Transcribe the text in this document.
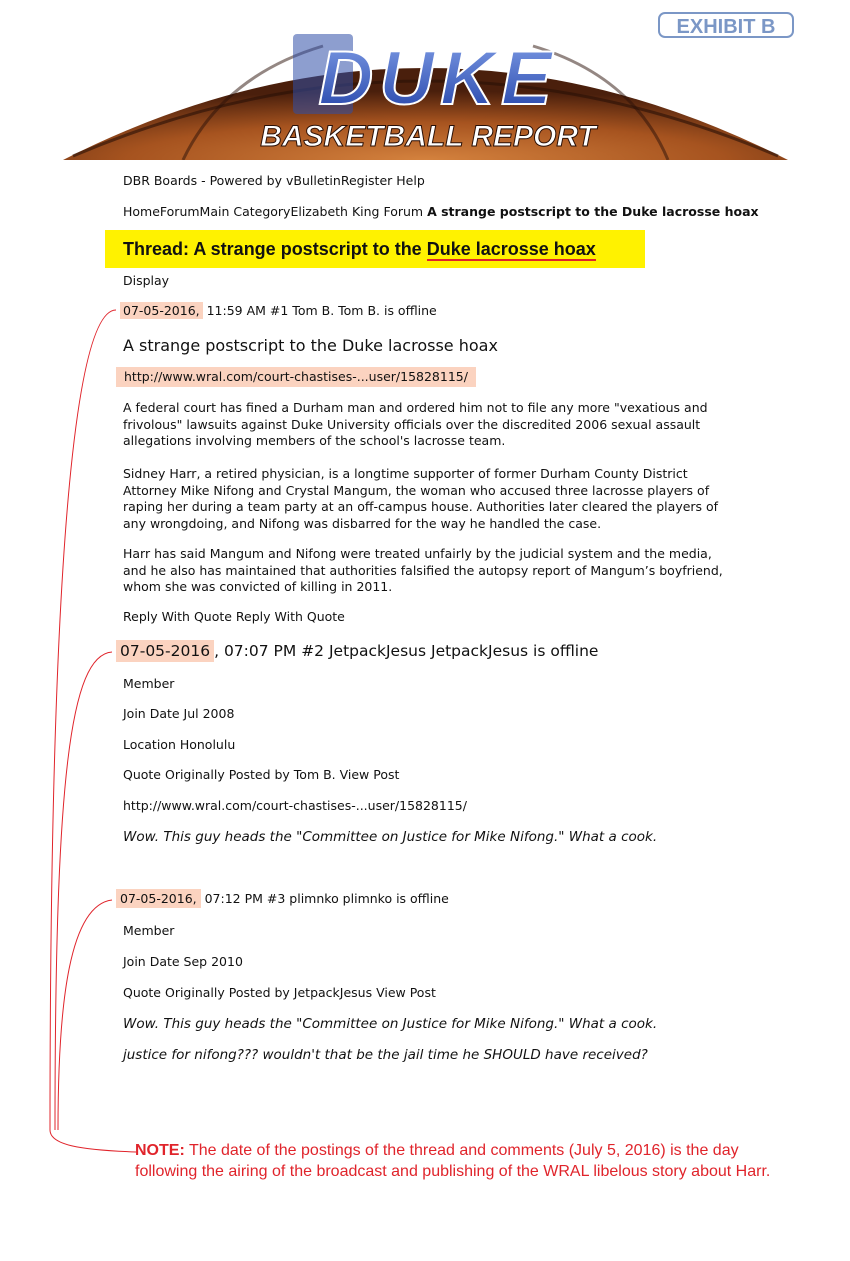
EXHIBIT B
DUKE
BASKETBALL REPORT
DBR Boards - Powered by vBulletinRegister Help
HomeForumMain CategoryElizabeth King Forum A strange postscript to the Duke lacrosse hoax
Thread: A strange postscript to the Duke lacrosse hoax
Display
07-05-2016, 11:59 AM #1 Tom B. Tom B. is offline
A strange postscript to the Duke lacrosse hoax
http://www.wral.com/court-chastises-...user/15828115/

A federal court has fined a Durham man and ordered him not to file any more "vexatious and frivolous" lawsuits against Duke University officials over the discredited 2006 sexual assault allegations involving members of the school's lacrosse team.

Sidney Harr, a retired physician, is a longtime supporter of former Durham County District Attorney Mike Nifong and Crystal Mangum, the woman who accused three lacrosse players of raping her during a team party at an off-campus house. Authorities later cleared the players of any wrongdoing, and Nifong was disbarred for the way he handled the case.

Harr has said Mangum and Nifong were treated unfairly by the judicial system and the media, and he also has maintained that authorities falsified the autopsy report of Mangum’s boyfriend, whom she was convicted of killing in 2011.

Reply With Quote Reply With Quote
07-05-2016 , 07:07 PM #2 JetpackJesus JetpackJesus is offline
Member
Join Date Jul 2008
Location Honolulu
Quote Originally Posted by Tom B. View Post
http://www.wral.com/court-chastises-...user/15828115/
Wow. This guy heads the "Committee on Justice for Mike Nifong." What a cook.
07-05-2016, 07:12 PM #3 plimnko plimnko is offline
Member
Join Date Sep 2010
Quote Originally Posted by JetpackJesus View Post
Wow. This guy heads the "Committee on Justice for Mike Nifong." What a cook.
justice for nifong??? wouldn't that be the jail time he SHOULD have received?
NOTE: The date of the postings of the thread and comments (July 5, 2016) is the day following the airing of the broadcast and publishing of the WRAL libelous story about Harr.
